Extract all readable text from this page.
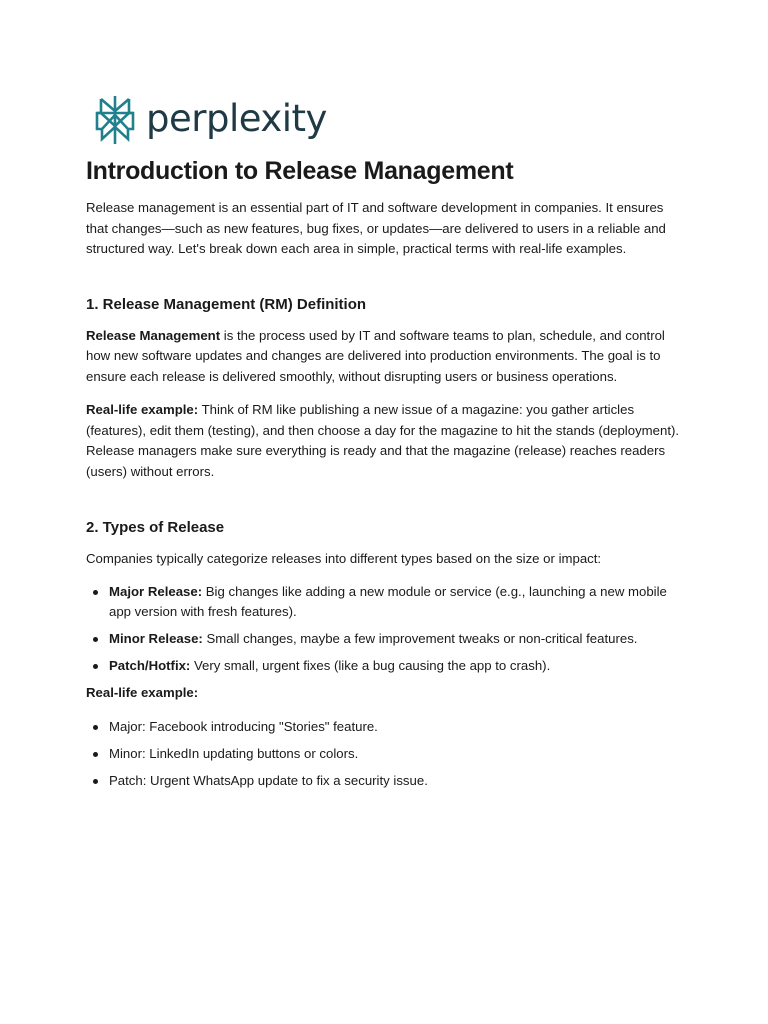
perplexity
Introduction to Release Management

Release management is an essential part of IT and software development in companies. It ensures that changes—such as new features, bug fixes, or updates—are delivered to users in a reliable and structured way. Let's break down each area in simple, practical terms with real-life examples.

1. Release Management (RM) Definition

Release Management is the process used by IT and software teams to plan, schedule, and control how new software updates and changes are delivered into production environments. The goal is to ensure each release is delivered smoothly, without disrupting users or business operations.

Real-life example: Think of RM like publishing a new issue of a magazine: you gather articles (features), edit them (testing), and then choose a day for the magazine to hit the stands (deployment). Release managers make sure everything is ready and that the magazine (release) reaches readers (users) without errors.

2. Types of Release

Companies typically categorize releases into different types based on the size or impact:

Major Release: Big changes like adding a new module or service (e.g., launching a new mobile app version with fresh features).
Minor Release: Small changes, maybe a few improvement tweaks or non-critical features.
Patch/Hotfix: Very small, urgent fixes (like a bug causing the app to crash).

Real-life example:

Major: Facebook introducing "Stories" feature.
Minor: LinkedIn updating buttons or colors.
Patch: Urgent WhatsApp update to fix a security issue.
